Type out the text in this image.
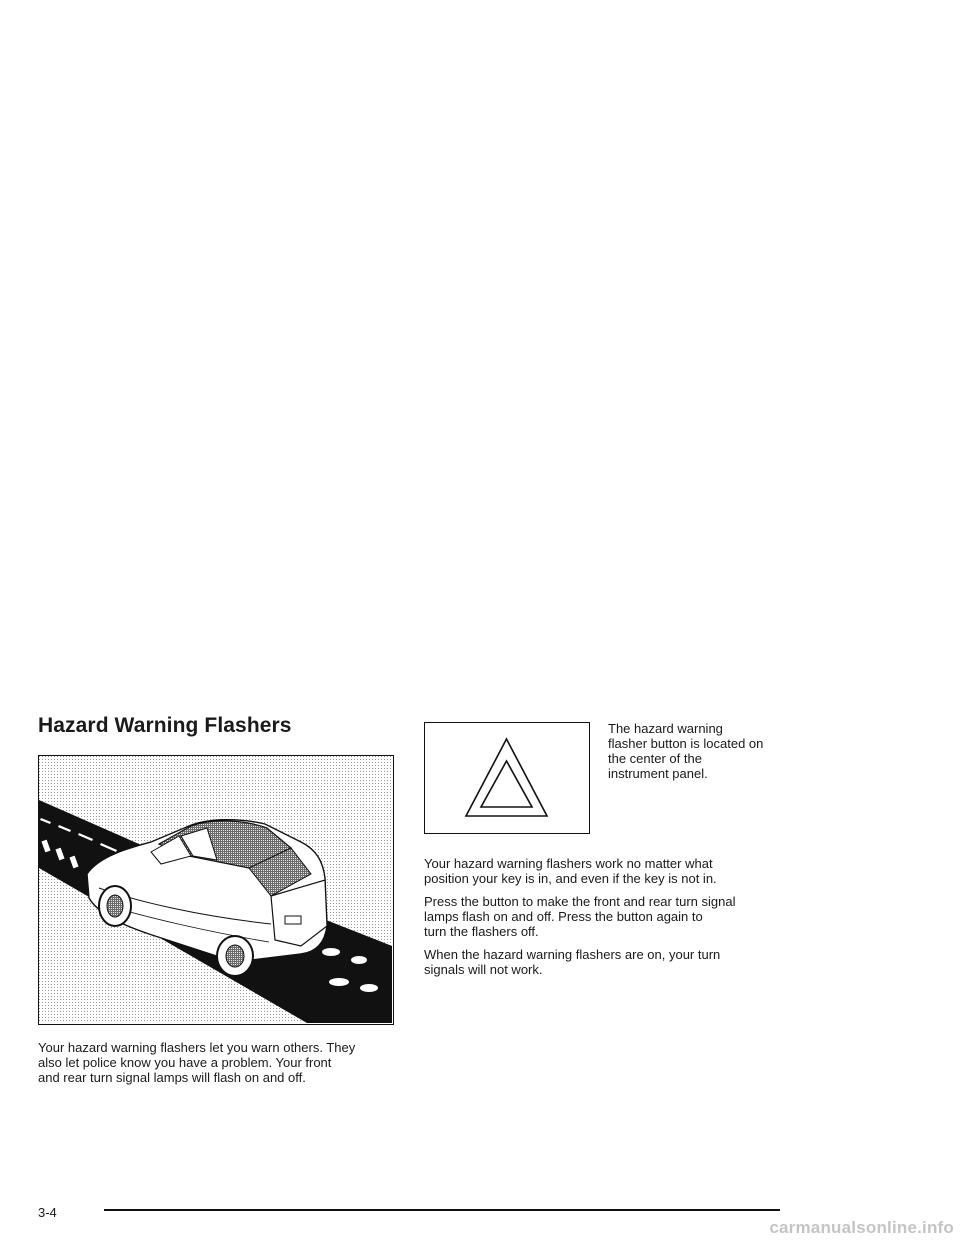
Hazard Warning Flashers

Your hazard warning flashers let you warn others. They
also let police know you have a problem. Your front
and rear turn signal lamps will flash on and off.

The hazard warning
flasher button is located on
the center of the
instrument panel.

Your hazard warning flashers work no matter what
position your key is in, and even if the key is not in.

Press the button to make the front and rear turn signal
lamps flash on and off. Press the button again to
turn the flashers off.

When the hazard warning flashers are on, your turn
signals will not work.

3-4

carmanualsonline.info
